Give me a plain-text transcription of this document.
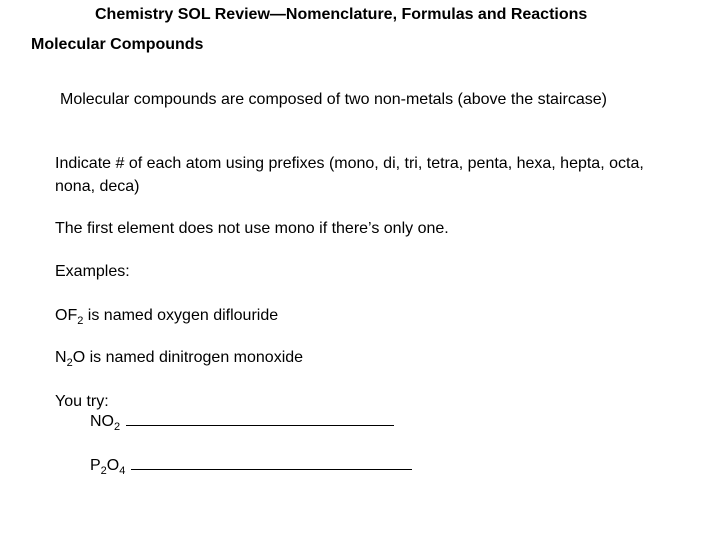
Chemistry SOL Review—Nomenclature, Formulas and Reactions
Molecular Compounds

Molecular compounds are composed of two non-metals (above the staircase)

Indicate # of each atom using prefixes (mono, di, tri, tetra, penta, hexa, hepta, octa, nona, deca)

The first element does not use mono if there’s only one.

Examples:

$OF_2$ is named oxygen diflouride

$N_2O$ is named dinitrogen monoxide

You try:

$NO_2$

$P_2O_4$
